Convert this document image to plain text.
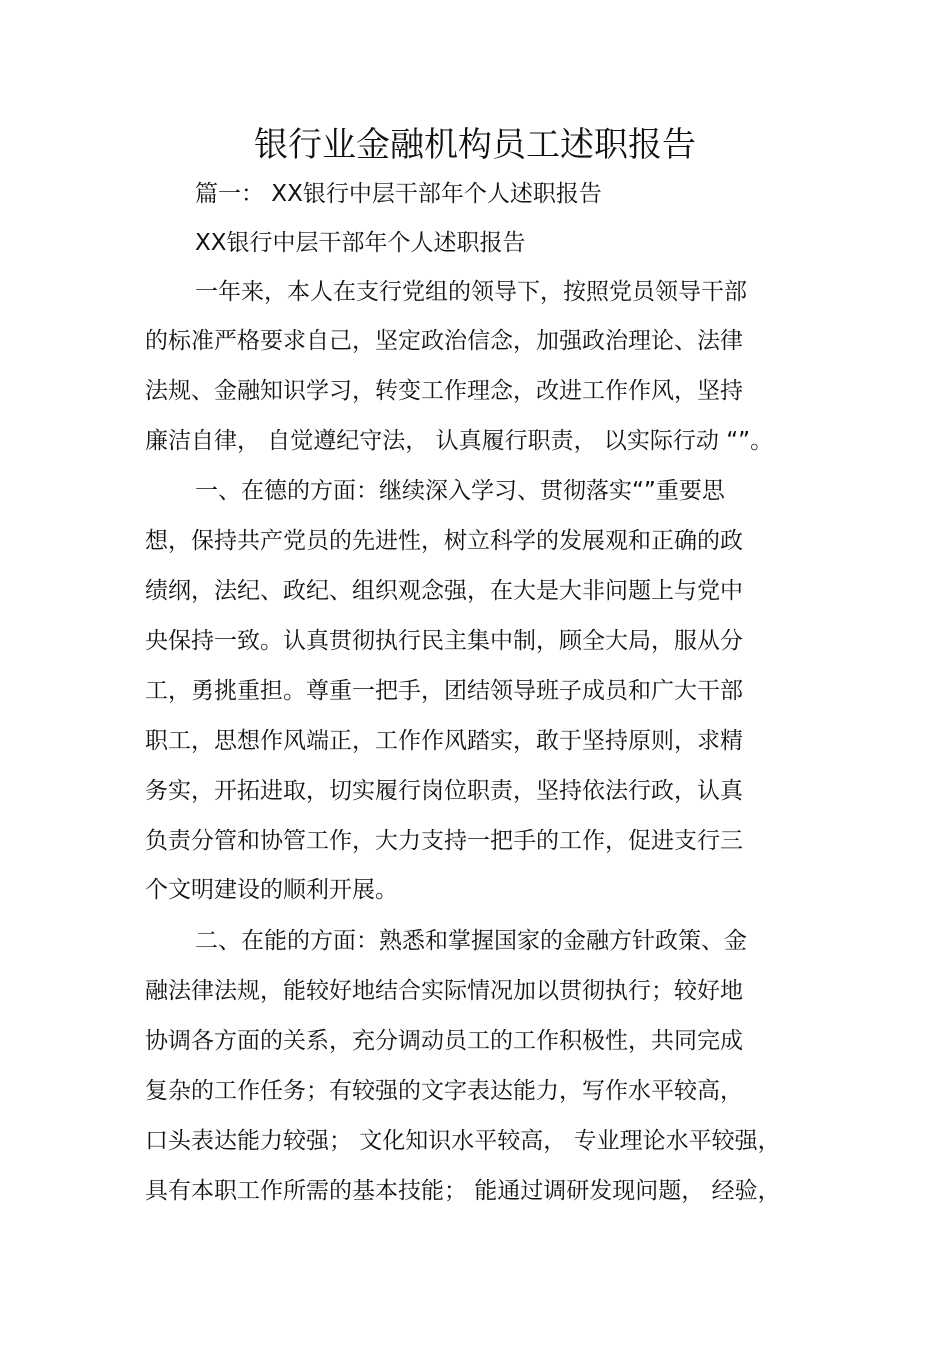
银行业金融机构员工述职报告
篇一： XX银行中层干部年个人述职报告
XX银行中层干部年个人述职报告
一年来，本人在支行党组的领导下，按照党员领导干部
的标准严格要求自己，坚定政治信念，加强政治理论、法律
法规、金融知识学习，转变工作理念，改进工作作风，坚持
廉洁自律， 自觉遵纪守法， 认真履行职责， 以实际行动 “”。
一、在德的方面：继续深入学习、贯彻落实“”重要思
想，保持共产党员的先进性，树立科学的发展观和正确的政
绩纲，法纪、政纪、组织观念强，在大是大非问题上与党中
央保持一致。认真贯彻执行民主集中制，顾全大局，服从分
工，勇挑重担。尊重一把手，团结领导班子成员和广大干部
职工，思想作风端正，工作作风踏实，敢于坚持原则，求精
务实，开拓进取，切实履行岗位职责，坚持依法行政，认真
负责分管和协管工作，大力支持一把手的工作，促进支行三
个文明建设的顺利开展。
二、在能的方面：熟悉和掌握国家的金融方针政策、金
融法律法规，能较好地结合实际情况加以贯彻执行；较好地
协调各方面的关系，充分调动员工的工作积极性，共同完成
复杂的工作任务；有较强的文字表达能力，写作水平较高，
口头表达能力较强； 文化知识水平较高， 专业理论水平较强，
具有本职工作所需的基本技能； 能通过调研发现问题， 经验，
